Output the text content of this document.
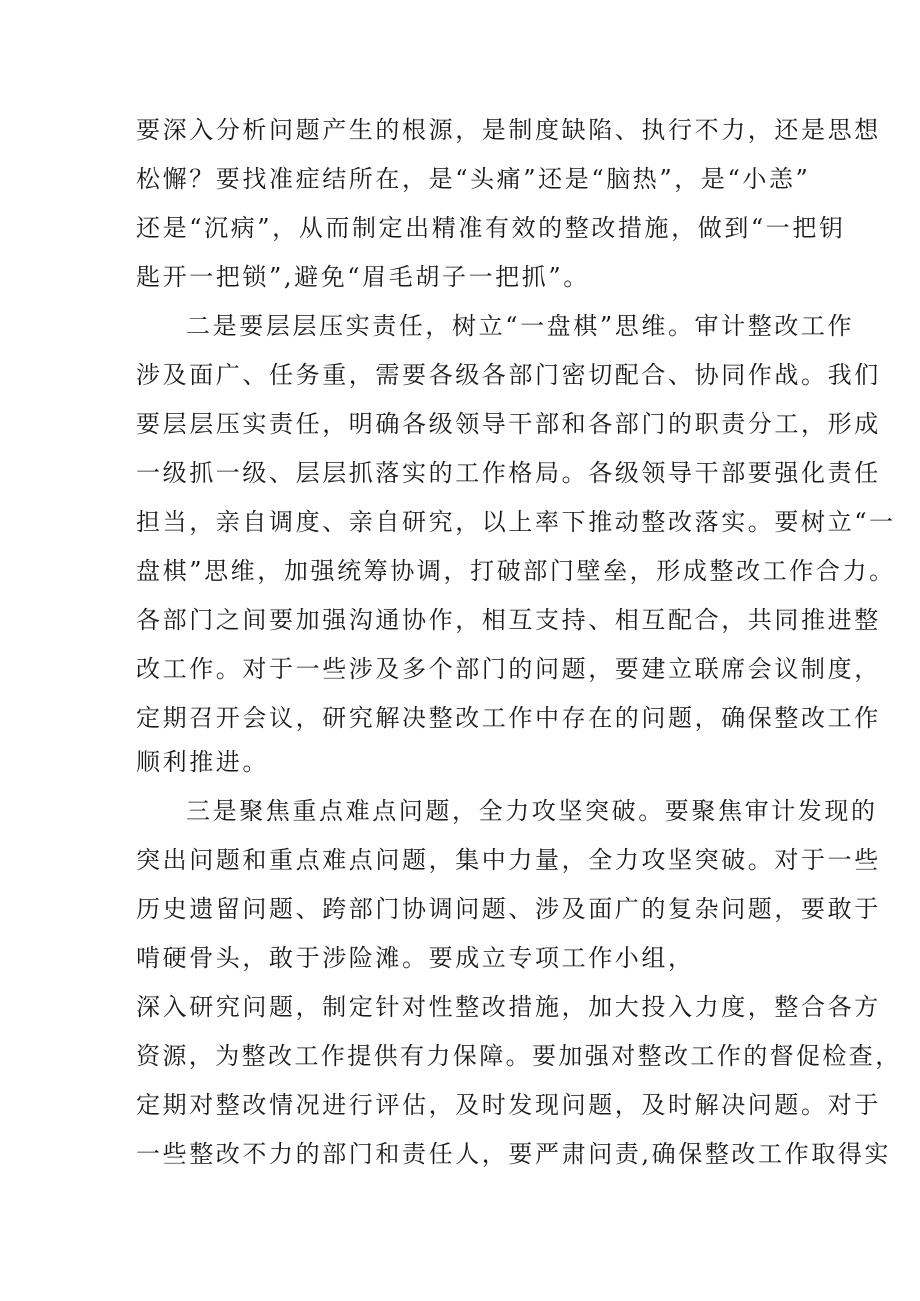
要深入分析问题产生的根源，是制度缺陷、执行不力，还是思想

松懈？要找准症结所在，是“头痛”还是“脑热”，是“小恙”

还是“沉病”，从而制定出精准有效的整改措施，做到“一把钥

匙开一把锁”,避免“眉毛胡子一把抓”。

二是要层层压实责任，树立“一盘棋”思维。审计整改工作

涉及面广、任务重，需要各级各部门密切配合、协同作战。我们

要层层压实责任，明确各级领导干部和各部门的职责分工，形成

一级抓一级、层层抓落实的工作格局。各级领导干部要强化责任

担当，亲自调度、亲自研究，以上率下推动整改落实。要树立“一

盘棋”思维，加强统筹协调，打破部门壁垒，形成整改工作合力。

各部门之间要加强沟通协作，相互支持、相互配合，共同推进整

改工作。对于一些涉及多个部门的问题，要建立联席会议制度，

定期召开会议，研究解决整改工作中存在的问题，确保整改工作

顺利推进。

三是聚焦重点难点问题，全力攻坚突破。要聚焦审计发现的

突出问题和重点难点问题，集中力量，全力攻坚突破。对于一些

历史遗留问题、跨部门协调问题、涉及面广的复杂问题，要敢于

啃硬骨头，敢于涉险滩。要成立专项工作小组，

深入研究问题，制定针对性整改措施，加大投入力度，整合各方

资源，为整改工作提供有力保障。要加强对整改工作的督促检查，

定期对整改情况进行评估，及时发现问题，及时解决问题。对于

一些整改不力的部门和责任人，要严肃问责,确保整改工作取得实
